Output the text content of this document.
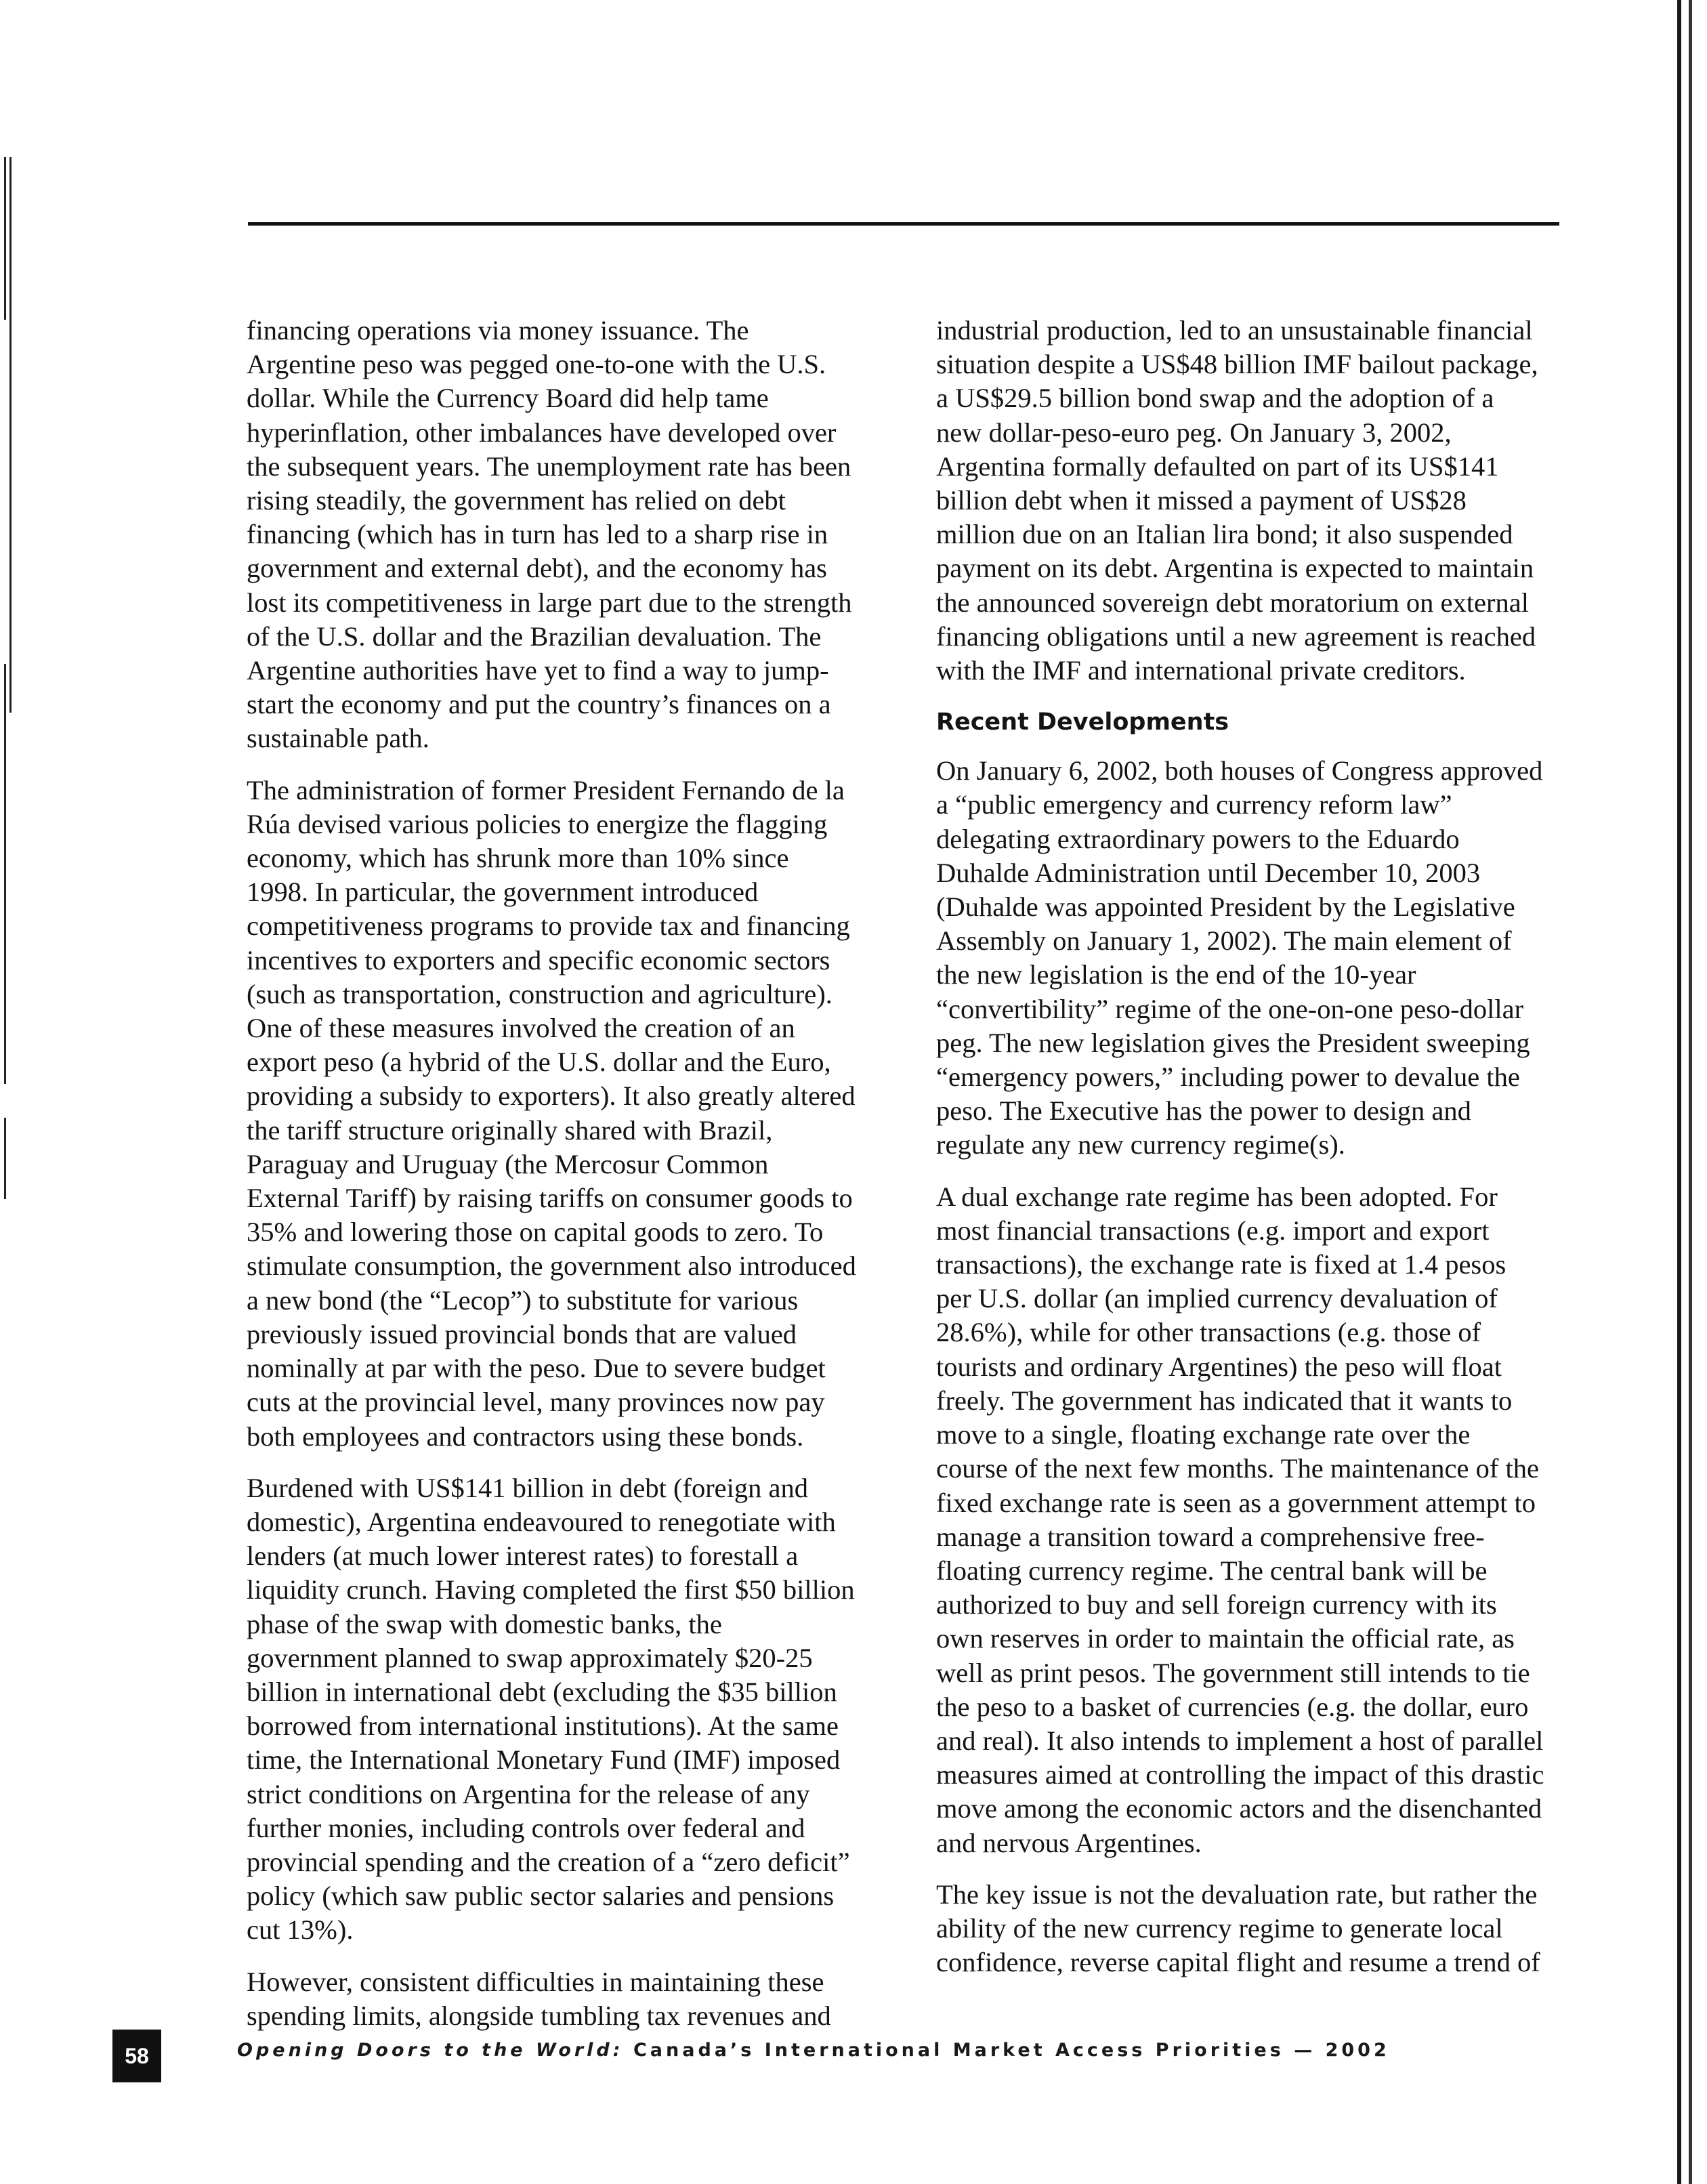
financing operations via money issuance. The Argentine peso was pegged one-to-one with the U.S. dollar. While the Currency Board did help tame hyperinflation, other imbalances have developed over the subsequent years. The unemployment rate has been rising steadily, the government has relied on debt financing (which has in turn has led to a sharp rise in government and external debt), and the economy has lost its competitiveness in large part due to the strength of the U.S. dollar and the Brazilian devaluation. The Argentine authorities have yet to find a way to jump-start the economy and put the country’s finances on a sustainable path.

The administration of former President Fernando de la Rúa devised various policies to energize the flagging economy, which has shrunk more than 10% since 1998. In particular, the government introduced competitiveness programs to provide tax and financing incentives to exporters and specific economic sectors (such as transportation, construction and agriculture). One of these measures involved the creation of an export peso (a hybrid of the U.S. dollar and the Euro, providing a subsidy to exporters). It also greatly altered the tariff structure originally shared with Brazil, Paraguay and Uruguay (the Mercosur Common External Tariff) by raising tariffs on consumer goods to 35% and lowering those on capital goods to zero. To stimulate consumption, the government also introduced a new bond (the “Lecop”) to substitute for various previously issued provincial bonds that are valued nominally at par with the peso. Due to severe budget cuts at the provincial level, many provinces now pay both employees and contractors using these bonds.

Burdened with US$141 billion in debt (foreign and domestic), Argentina endeavoured to renegotiate with lenders (at much lower interest rates) to forestall a liquidity crunch. Having completed the first $50 billion phase of the swap with domestic banks, the government planned to swap approximately $20-25 billion in international debt (excluding the $35 billion borrowed from international institutions). At the same time, the International Monetary Fund (IMF) imposed strict conditions on Argentina for the release of any further monies, including controls over federal and provincial spending and the creation of a “zero deficit” policy (which saw public sector salaries and pensions cut 13%).

However, consistent difficulties in maintaining these spending limits, alongside tumbling tax revenues and

industrial production, led to an unsustainable financial situation despite a US$48 billion IMF bailout package, a US$29.5 billion bond swap and the adoption of a new dollar-peso-euro peg. On January 3, 2002, Argentina formally defaulted on part of its US$141 billion debt when it missed a payment of US$28 million due on an Italian lira bond; it also suspended payment on its debt. Argentina is expected to maintain the announced sovereign debt moratorium on external financing obligations until a new agreement is reached with the IMF and international private creditors.

Recent Developments

On January 6, 2002, both houses of Congress approved a “public emergency and currency reform law” delegating extraordinary powers to the Eduardo Duhalde Administration until December 10, 2003 (Duhalde was appointed President by the Legislative Assembly on January 1, 2002). The main element of the new legislation is the end of the 10-year “convertibility” regime of the one-on-one peso-dollar peg. The new legislation gives the President sweeping “emergency powers,” including power to devalue the peso. The Executive has the power to design and regulate any new currency regime(s).

A dual exchange rate regime has been adopted. For most financial transactions (e.g. import and export transactions), the exchange rate is fixed at 1.4 pesos per U.S. dollar (an implied currency devaluation of 28.6%), while for other transactions (e.g. those of tourists and ordinary Argentines) the peso will float freely. The government has indicated that it wants to move to a single, floating exchange rate over the course of the next few months. The maintenance of the fixed exchange rate is seen as a government attempt to manage a transition toward a comprehensive free-floating currency regime. The central bank will be authorized to buy and sell foreign currency with its own reserves in order to maintain the official rate, as well as print pesos. The government still intends to tie the peso to a basket of currencies (e.g. the dollar, euro and real). It also intends to implement a host of parallel measures aimed at controlling the impact of this drastic move among the economic actors and the disenchanted and nervous Argentines.

The key issue is not the devaluation rate, but rather the ability of the new currency regime to generate local confidence, reverse capital flight and resume a trend of

58	Opening Doors to the World: Canada’s International Market Access Priorities — 2002
